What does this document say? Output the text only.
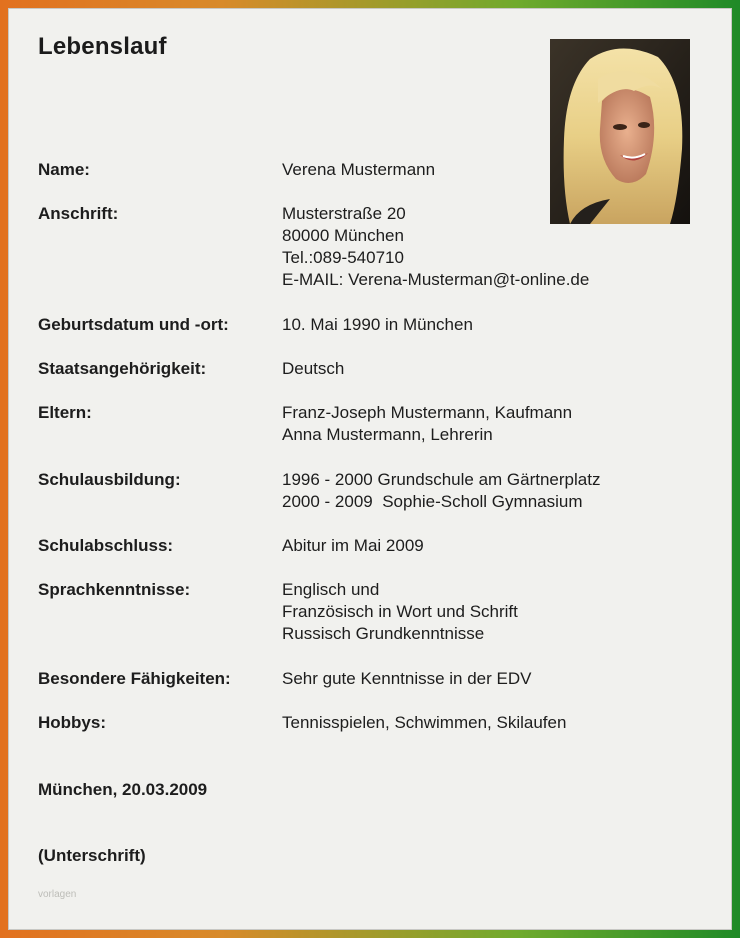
Lebenslauf
Name:	Verena Mustermann
Anschrift:	Musterstraße 20
80000 München
Tel.:089-540710
E-MAIL: Verena-Musterman@t-online.de
Geburtsdatum und -ort:	10. Mai 1990 in München
Staatsangehörigkeit:	Deutsch
Eltern:	Franz-Joseph Mustermann, Kaufmann
Anna Mustermann, Lehrerin
Schulausbildung:	1996 - 2000 Grundschule am Gärtnerplatz
2000 - 2009  Sophie-Scholl Gymnasium
Schulabschluss:	Abitur im Mai 2009
Sprachkenntnisse:	Englisch und
Französisch in Wort und Schrift
Russisch Grundkenntnisse
Besondere Fähigkeiten:	Sehr gute Kenntnisse in der EDV
Hobbys:	Tennisspielen, Schwimmen, Skilaufen
München, 20.03.2009
(Unterschrift)
vorlagen
